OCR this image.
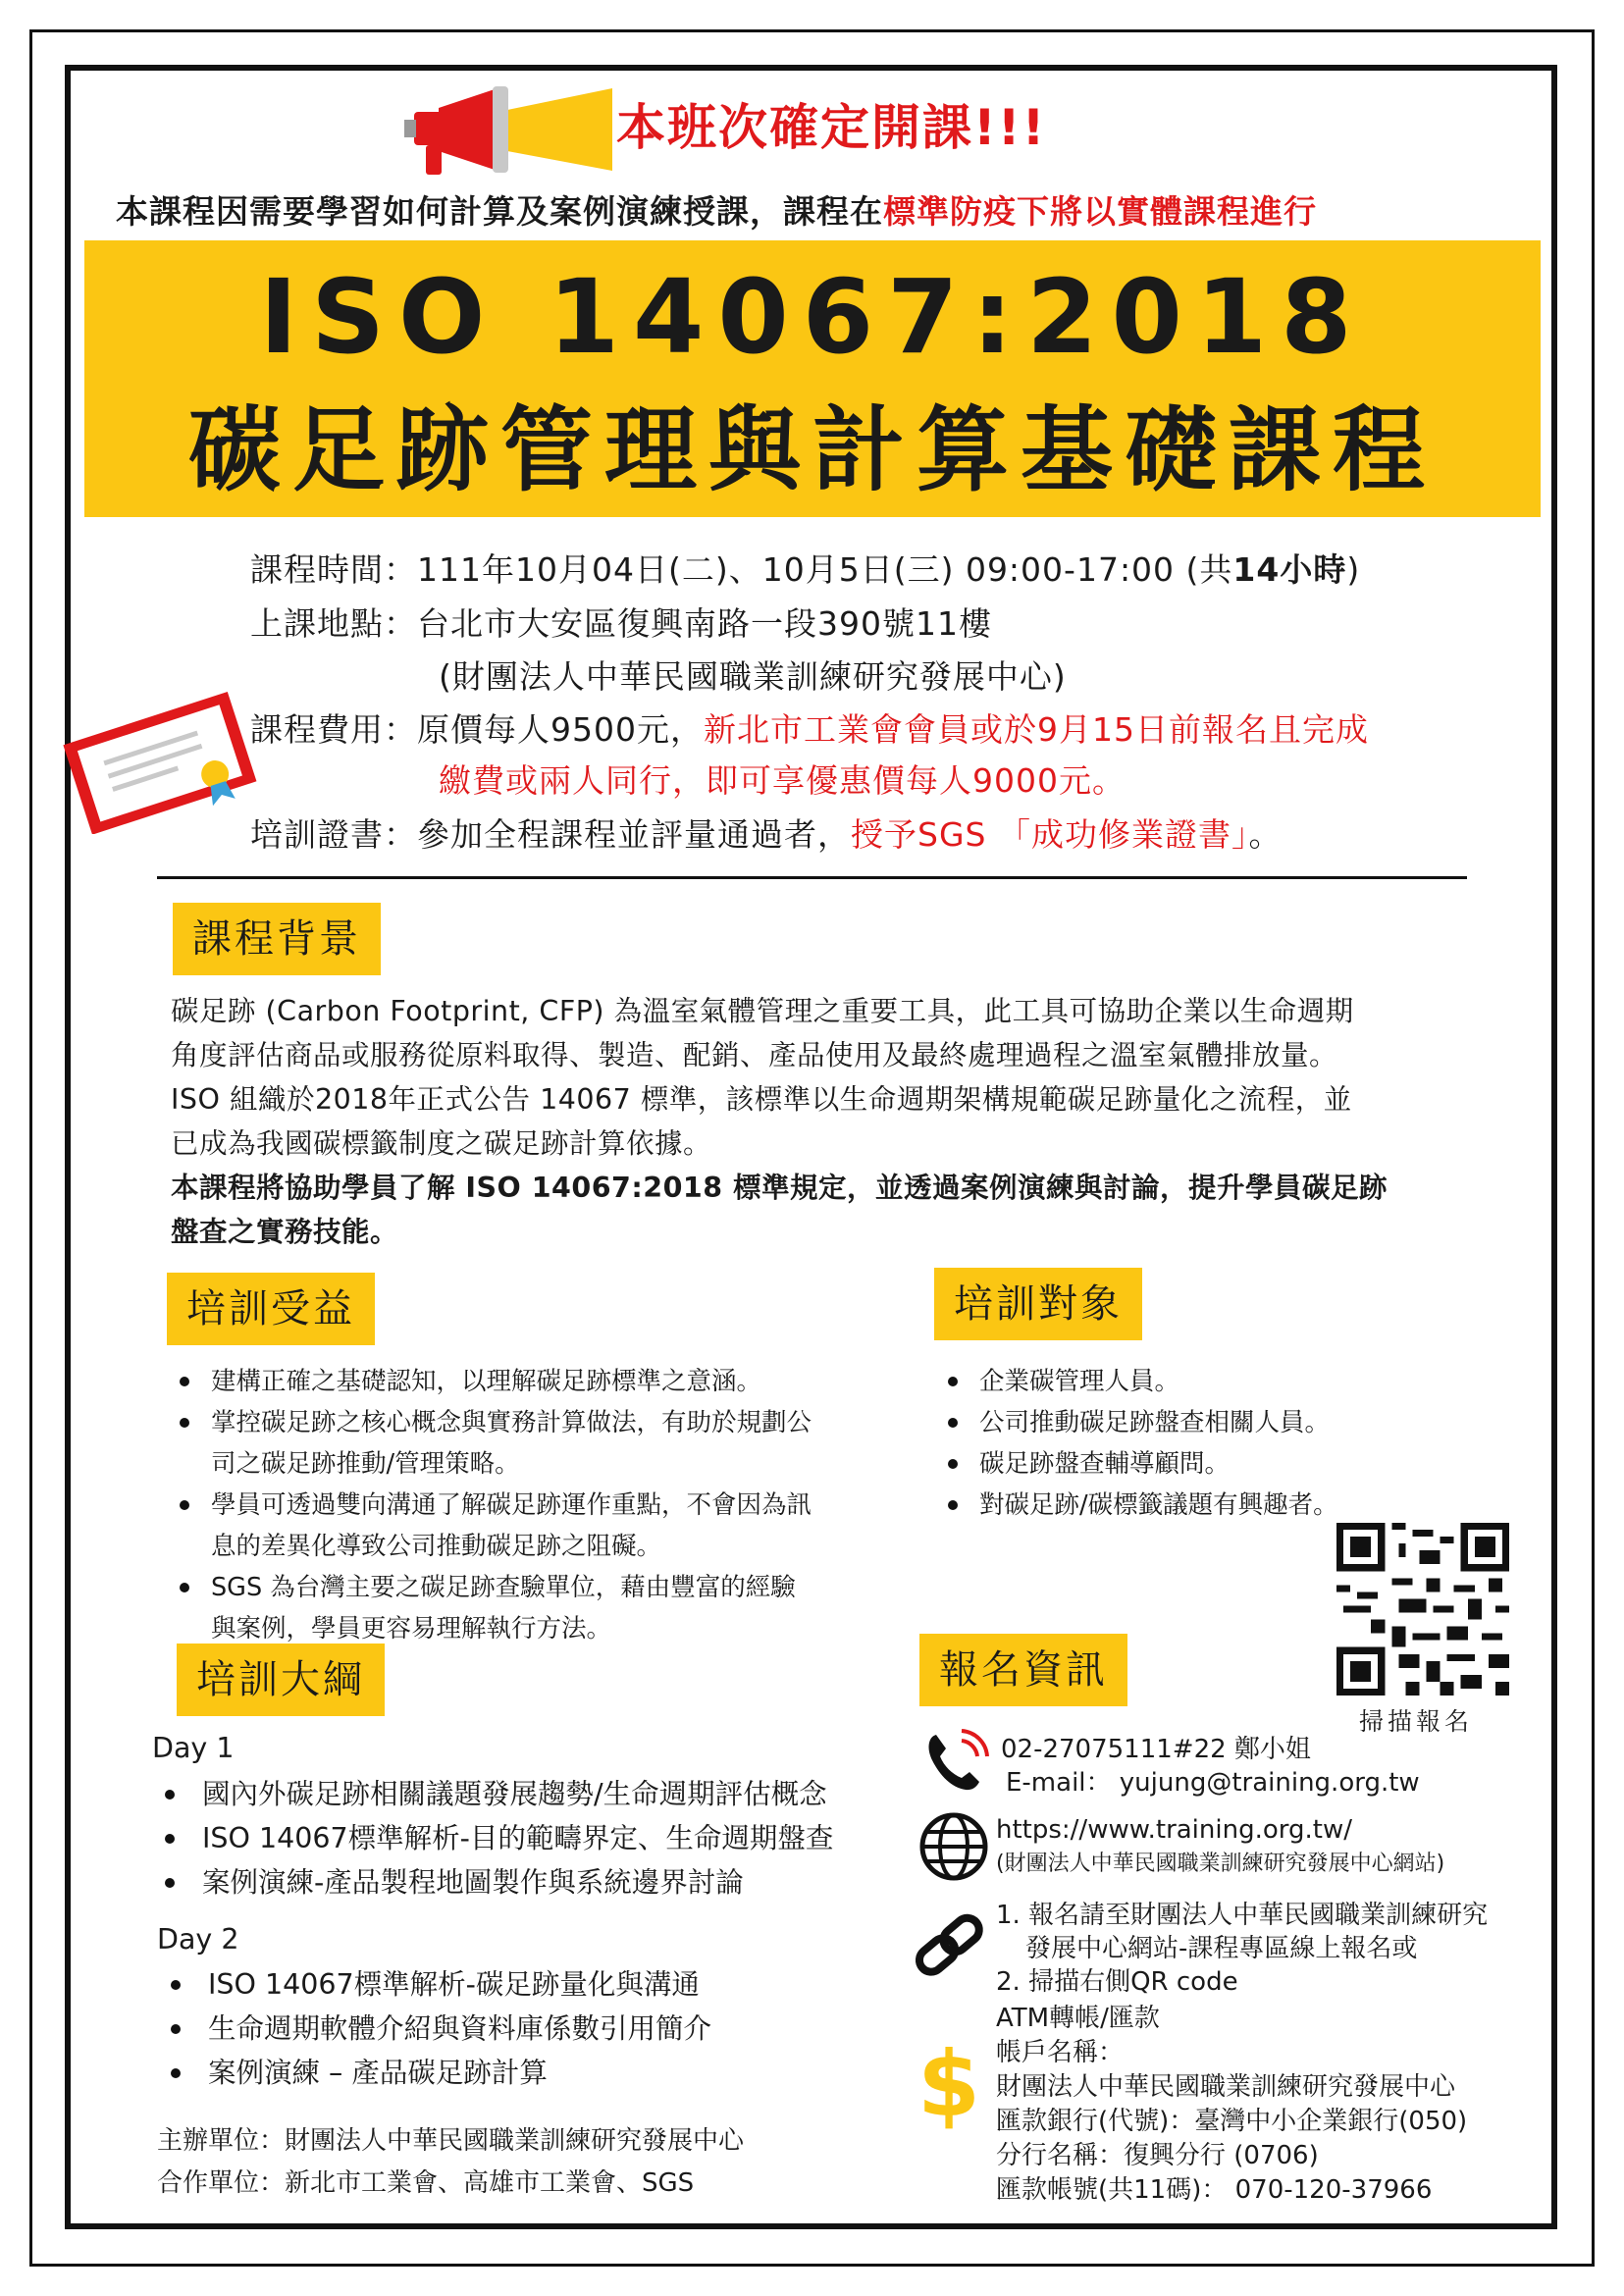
本班次確定開課!!!
本課程因需要學習如何計算及案例演練授課，課程在標準防疫下將以實體課程進行
ISO 14067:2018
碳足跡管理與計算基礎課程
課程時間：111年10月04日(二)、10月5日(三) 09:00-17:00 (共14小時)
上課地點：台北市大安區復興南路一段390號11樓
(財團法人中華民國職業訓練研究發展中心)
課程費用：原價每人9500元，新北市工業會會員或於9月15日前報名且完成
繳費或兩人同行，即可享優惠價每人9000元。
培訓證書：參加全程課程並評量通過者，授予SGS 「成功修業證書」。
課程背景
碳足跡 (Carbon Footprint, CFP) 為溫室氣體管理之重要工具，此工具可協助企業以生命週期
角度評估商品或服務從原料取得、製造、配銷、產品使用及最終處理過程之溫室氣體排放量。
ISO 組織於2018年正式公告 14067 標準，該標準以生命週期架構規範碳足跡量化之流程，並
已成為我國碳標籤制度之碳足跡計算依據。
本課程將協助學員了解 ISO 14067:2018 標準規定，並透過案例演練與討論，提升學員碳足跡
盤查之實務技能。
培訓受益
建構正確之基礎認知，以理解碳足跡標準之意涵。
掌控碳足跡之核心概念與實務計算做法，有助於規劃公
司之碳足跡推動/管理策略。
學員可透過雙向溝通了解碳足跡運作重點，不會因為訊
息的差異化導致公司推動碳足跡之阻礙。
SGS 為台灣主要之碳足跡查驗單位，藉由豐富的經驗
與案例，學員更容易理解執行方法。
培訓對象
企業碳管理人員。
公司推動碳足跡盤查相關人員。
碳足跡盤查輔導顧問。
對碳足跡/碳標籤議題有興趣者。
掃描報名
培訓大綱
Day 1
國內外碳足跡相關議題發展趨勢/生命週期評估概念
ISO 14067標準解析-目的範疇界定、生命週期盤查
案例演練-產品製程地圖製作與系統邊界討論
Day 2
ISO 14067標準解析-碳足跡量化與溝通
生命週期軟體介紹與資料庫係數引用簡介
案例演練 – 產品碳足跡計算
主辦單位：財團法人中華民國職業訓練研究發展中心
合作單位：新北市工業會、高雄市工業會、SGS
報名資訊
02-27075111#22 鄭小姐
E-mail： yujung@training.org.tw
https://www.training.org.tw/
(財團法人中華民國職業訓練研究發展中心網站)
1. 報名請至財團法人中華民國職業訓練研究
發展中心網站-課程專區線上報名或
2. 掃描右側QR code
$
ATM轉帳/匯款
帳戶名稱：
財團法人中華民國職業訓練研究發展中心
匯款銀行(代號)：臺灣中小企業銀行(050)
分行名稱：復興分行 (0706)
匯款帳號(共11碼)： 070-120-37966
